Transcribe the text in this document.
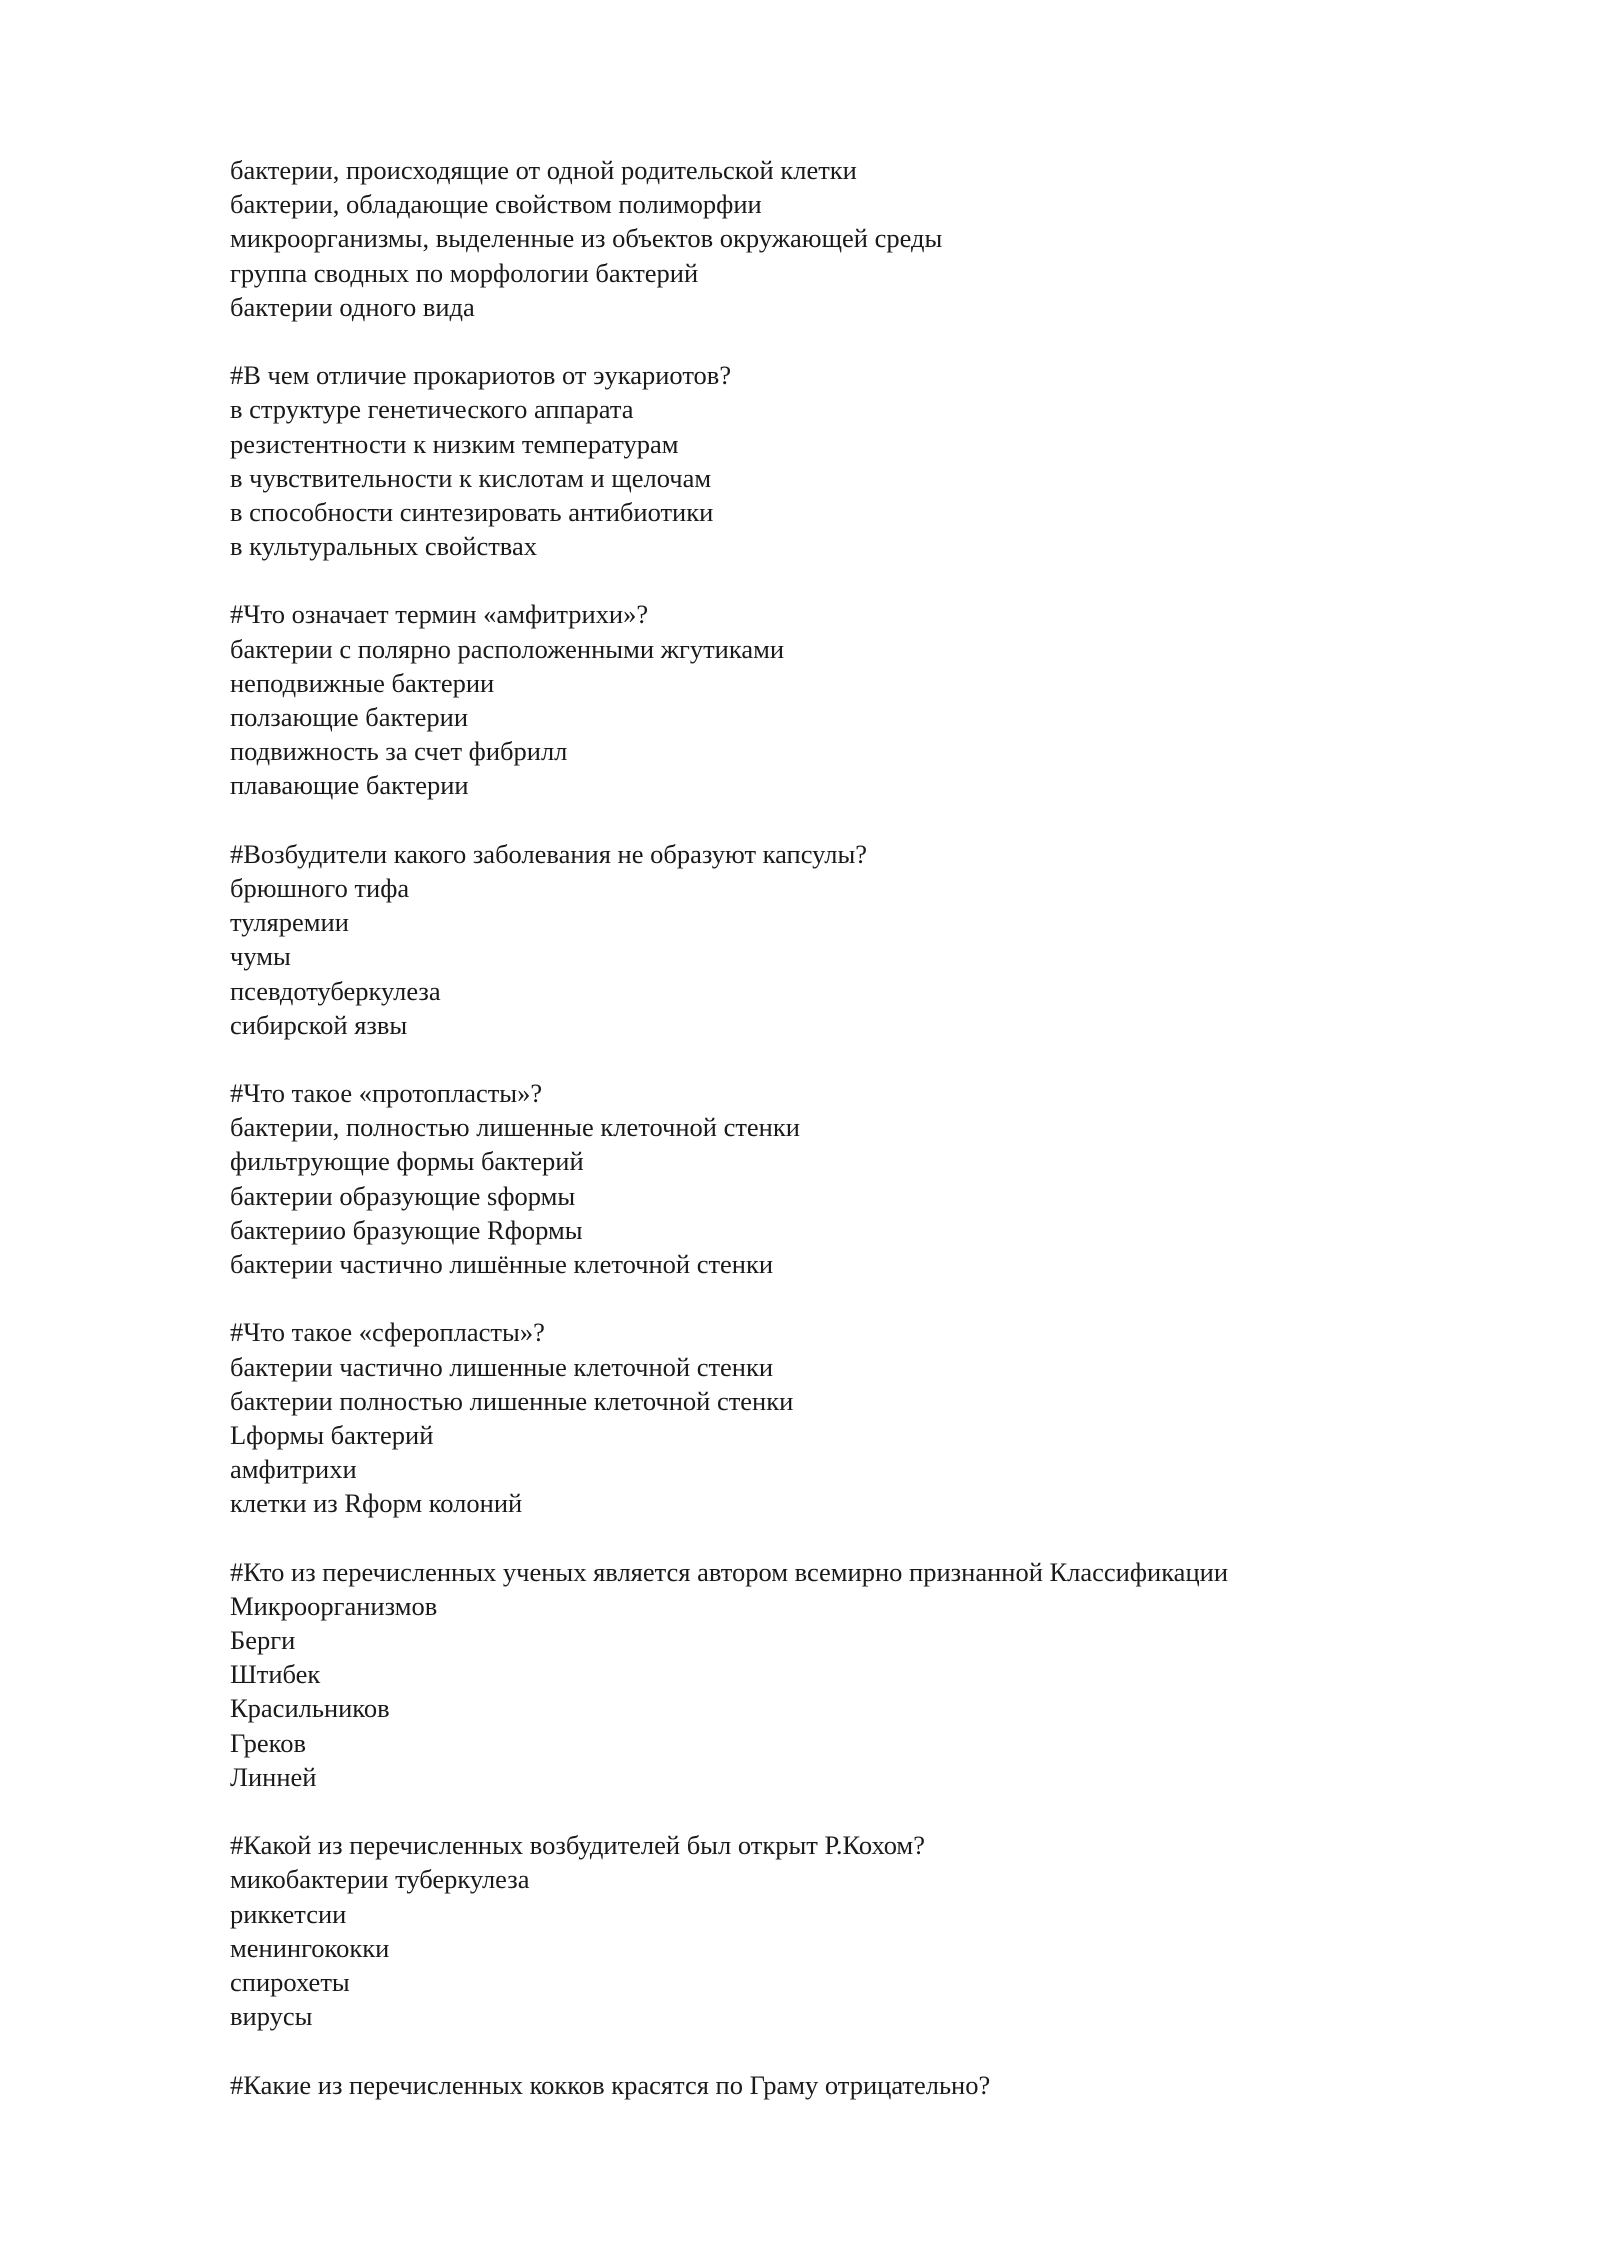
бактерии, происходящие от одной родительской клетки
бактерии, обладающие свойством полиморфии
микроорганизмы, выделенные из объектов окружающей среды
группа сводных по морфологии бактерий
бактерии одного вида
#В чем отличие прокариотов от эукариотов?
в структуре генетического аппарата
резистентности к низким температурам
в чувствительности к кислотам и щелочам
в способности синтезировать антибиотики
в культуральных свойствах
#Что означает термин «амфитрихи»?
бактерии с полярно расположенными жгутиками
неподвижные бактерии
ползающие бактерии
подвижность за счет фибрилл
плавающие бактерии
#Возбудители какого заболевания не образуют капсулы?
брюшного тифа
туляремии
чумы
псевдотуберкулеза
сибирской язвы
#Что такое «протопласты»?
бактерии, полностью лишенные клеточной стенки
фильтрующие формы бактерий
бактерии образующие sформы
бактериио бразующие Rформы
бактерии частично лишённые клеточной стенки
#Что такое «сферопласты»?
бактерии частично лишенные клеточной стенки
бактерии полностью лишенные клеточной стенки
Lформы бактерий
амфитрихи
клетки из Rформ колоний
#Кто из перечисленных ученых является автором всемирно признанной Классификации
Микроорганизмов
Берги
Штибек
Красильников
Греков
Линней
#Какой из перечисленных возбудителей был открыт Р.Кохом?
микобактерии туберкулеза
риккетсии
менингококки
спирохеты
вирусы
#Какие из перечисленных кокков красятся по Граму отрицательно?
